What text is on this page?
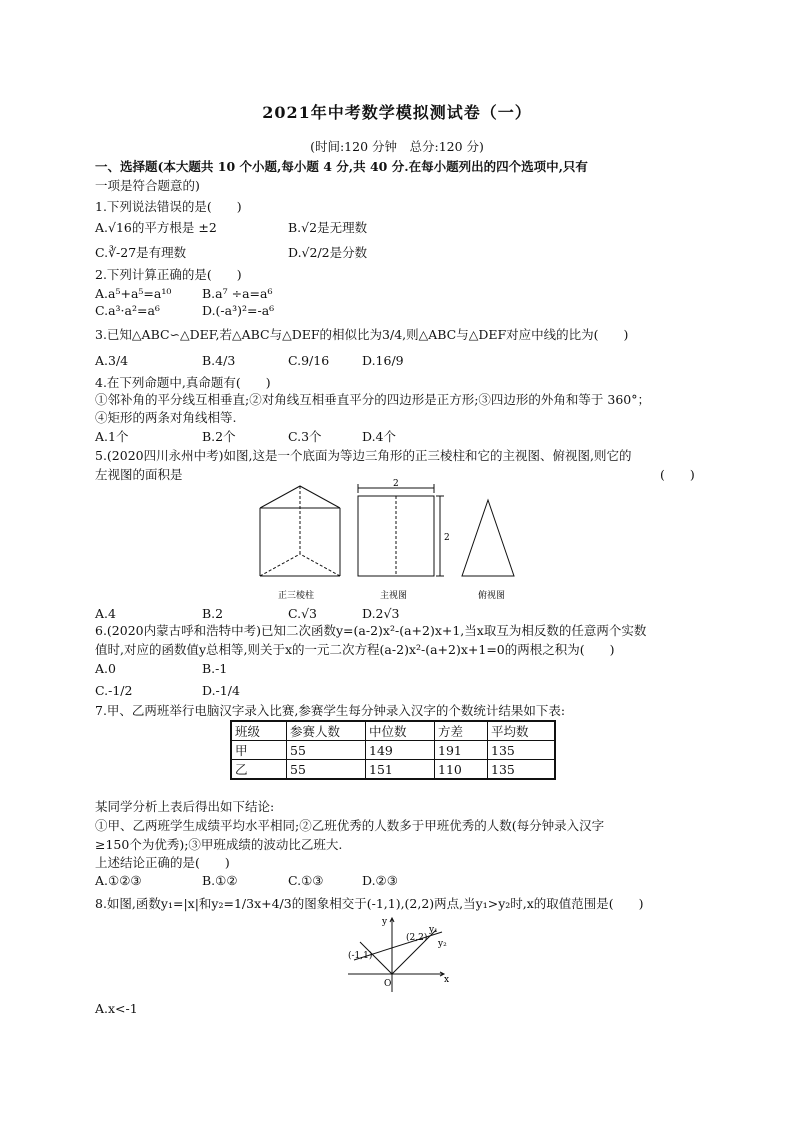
2021年中考数学模拟测试卷（一）
(时间:120 分钟　总分:120 分)
一、选择题(本大题共 10 个小题,每小题 4 分,共 40 分.在每小题列出的四个选项中,只有
一项是符合题意的)
1.下列说法错误的是(　　)
A.√16的平方根是 ±2	B.√2是无理数
C.∛-27是有理数	D.√2/2是分数
2.下列计算正确的是(　　)
A.a⁵+a⁵=a¹⁰ B.a⁷ ÷a=a⁶
C.a³·a²=a⁶	D.(-a³)²=-a⁶
3.已知△ABC∽△DEF,若△ABC与△DEF的相似比为3/4,则△ABC与△DEF对应中线的比为(　　)
A.3/4	B.4/3	C.9/16	D.16/9
4.在下列命题中,真命题有(　　)
①邻补角的平分线互相垂直;②对角线互相垂直平分的四边形是正方形;③四边形的外角和等于 360°；
④矩形的两条对角线相等.
A.1个	B.2个	C.3个	D.4个
5.(2020四川永州中考)如图,这是一个底面为等边三角形的正三棱柱和它的主视图、俯视图,则它的
左视图的面积是	(　　)
2
2
正三棱柱	主视图	俯视图
A.4	B.2	C.√3	D.2√3
6.(2020内蒙古呼和浩特中考)已知二次函数y=(a-2)x²-(a+2)x+1,当x取互为相反数的任意两个实数
值时,对应的函数值y总相等,则关于x的一元二次方程(a-2)x²-(a+2)x+1=0的两根之积为(　　)
A.0	B.-1
C.-1/2	D.-1/4
7.甲、乙两班举行电脑汉字录入比赛,参赛学生每分钟录入汉字的个数统计结果如下表:
班级	参赛人数	中位数	方差	平均数
甲	55	149	191	135
乙	55	151	110	135
某同学分析上表后得出如下结论:
①甲、乙两班学生成绩平均水平相同;②乙班优秀的人数多于甲班优秀的人数(每分钟录入汉字
≥150个为优秀);③甲班成绩的波动比乙班大.
上述结论正确的是(　　)
A.①②③	B.①②	C.①③	D.②③
8.如图,函数y₁=|x|和y₂=1/3x+4/3的图象相交于(-1,1),(2,2)两点,当y₁>y₂时,x的取值范围是(　　)
x
y
O
(-1,1)
(2,2)
y₁
y₂
A.x<-1
